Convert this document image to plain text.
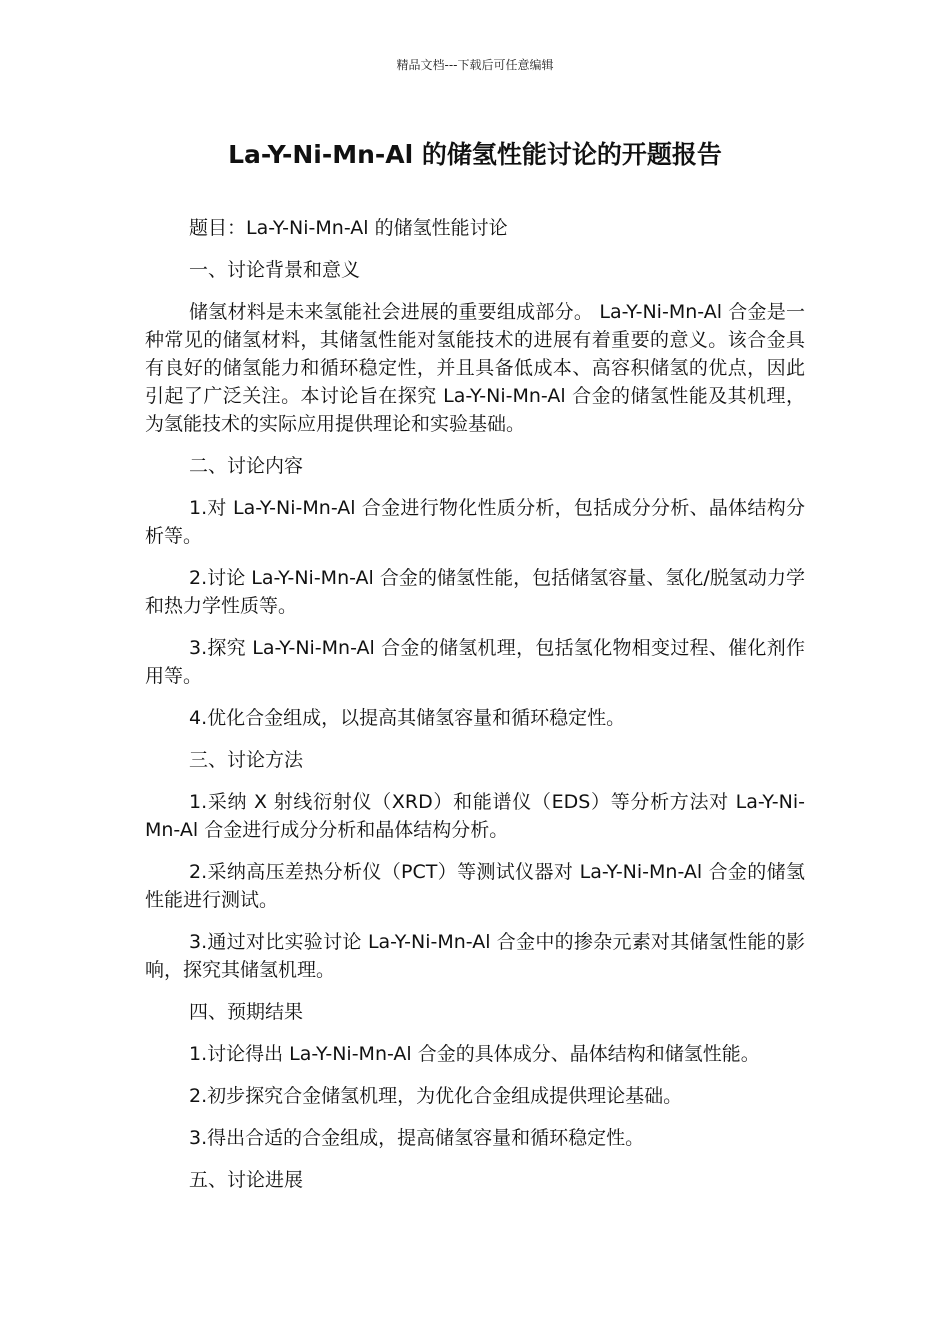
精品文档---下载后可任意编辑
La-Y-Ni-Mn-Al 的储氢性能讨论的开题报告

题目：La-Y-Ni-Mn-Al 的储氢性能讨论

一、讨论背景和意义

储氢材料是未来氢能社会进展的重要组成部分。 La-Y-Ni-Mn-Al 合金是一种常见的储氢材料，其储氢性能对氢能技术的进展有着重要的意义。该合金具有良好的储氢能力和循环稳定性，并且具备低成本、高容积储氢的优点，因此引起了广泛关注。本讨论旨在探究 La-Y-Ni-Mn-Al 合金的储氢性能及其机理，为氢能技术的实际应用提供理论和实验基础。

二、讨论内容

1.对 La-Y-Ni-Mn-Al 合金进行物化性质分析，包括成分分析、晶体结构分析等。

2.讨论 La-Y-Ni-Mn-Al 合金的储氢性能，包括储氢容量、氢化/脱氢动力学和热力学性质等。

3.探究 La-Y-Ni-Mn-Al 合金的储氢机理，包括氢化物相变过程、催化剂作用等。

4.优化合金组成，以提高其储氢容量和循环稳定性。

三、讨论方法

1.采纳 X 射线衍射仪（XRD）和能谱仪（EDS）等分析方法对 La-Y-Ni-Mn-Al 合金进行成分分析和晶体结构分析。

2.采纳高压差热分析仪（PCT）等测试仪器对 La-Y-Ni-Mn-Al 合金的储氢性能进行测试。

3.通过对比实验讨论 La-Y-Ni-Mn-Al 合金中的掺杂元素对其储氢性能的影响，探究其储氢机理。

四、预期结果

1.讨论得出 La-Y-Ni-Mn-Al 合金的具体成分、晶体结构和储氢性能。

2.初步探究合金储氢机理，为优化合金组成提供理论基础。

3.得出合适的合金组成，提高储氢容量和循环稳定性。

五、讨论进展
